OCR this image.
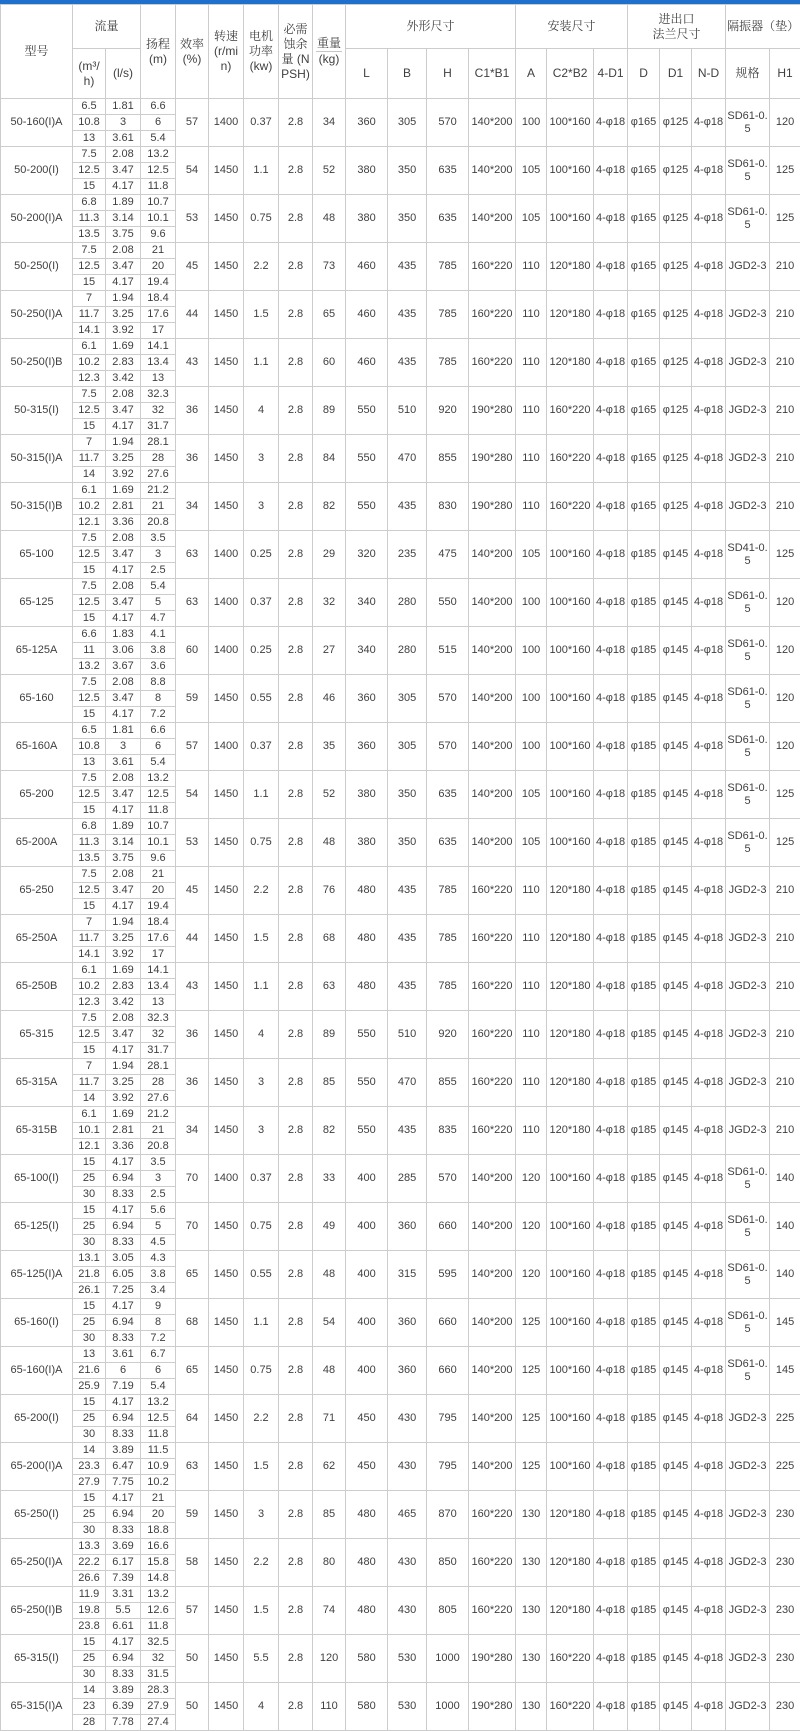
型号	流量		扬程 (m)	效率 (%)	转速 (r/min)	电机功率 (kw)	必需蚀余量 (NPSH)	重量
(kg)	外形尺寸				安装尺寸			进出口
法兰尺寸			隔振器（垫）	
	(m³/h)	(l/s)							L	B	H	C1*B1	A	C2*B2	4-D1	D	D1	N-D	规格	H1
50-160(I)A	6.5	1.81	6.6	57	1400	0.37	2.8	34	360	305	570	140*200	100	100*160	4-φ18	φ165	φ125	4-φ18	SD61-0.5	120
	10.8	3	6																	
	13	3.61	5.4																	
50-200(I)	7.5	2.08	13.2	54	1450	1.1	2.8	52	380	350	635	140*200	105	100*160	4-φ18	φ165	φ125	4-φ18	SD61-0.5	125
	12.5	3.47	12.5																	
	15	4.17	11.8																	
50-200(I)A	6.8	1.89	10.7	53	1450	0.75	2.8	48	380	350	635	140*200	105	100*160	4-φ18	φ165	φ125	4-φ18	SD61-0.5	125
	11.3	3.14	10.1																	
	13.5	3.75	9.6																	
50-250(I)	7.5	2.08	21	45	1450	2.2	2.8	73	460	435	785	160*220	110	120*180	4-φ18	φ165	φ125	4-φ18	JGD2-3	210
	12.5	3.47	20																	
	15	4.17	19.4																	
50-250(I)A	7	1.94	18.4	44	1450	1.5	2.8	65	460	435	785	160*220	110	120*180	4-φ18	φ165	φ125	4-φ18	JGD2-3	210
	11.7	3.25	17.6																	
	14.1	3.92	17																	
50-250(I)B	6.1	1.69	14.1	43	1450	1.1	2.8	60	460	435	785	160*220	110	120*180	4-φ18	φ165	φ125	4-φ18	JGD2-3	210
	10.2	2.83	13.4																	
	12.3	3.42	13																	
50-315(I)	7.5	2.08	32.3	36	1450	4	2.8	89	550	510	920	190*280	110	160*220	4-φ18	φ165	φ125	4-φ18	JGD2-3	210
	12.5	3.47	32																	
	15	4.17	31.7																	
50-315(I)A	7	1.94	28.1	36	1450	3	2.8	84	550	470	855	190*280	110	160*220	4-φ18	φ165	φ125	4-φ18	JGD2-3	210
	11.7	3.25	28																	
	14	3.92	27.6																	
50-315(I)B	6.1	1.69	21.2	34	1450	3	2.8	82	550	435	830	190*280	110	160*220	4-φ18	φ165	φ125	4-φ18	JGD2-3	210
	10.2	2.81	21																	
	12.1	3.36	20.8																	
65-100	7.5	2.08	3.5	63	1400	0.25	2.8	29	320	235	475	140*200	105	100*160	4-φ18	φ185	φ145	4-φ18	SD41-0.5	125
	12.5	3.47	3																	
	15	4.17	2.5																	
65-125	7.5	2.08	5.4	63	1400	0.37	2.8	32	340	280	550	140*200	100	100*160	4-φ18	φ185	φ145	4-φ18	SD61-0.5	120
	12.5	3.47	5																	
	15	4.17	4.7																	
65-125A	6.6	1.83	4.1	60	1400	0.25	2.8	27	340	280	515	140*200	100	100*160	4-φ18	φ185	φ145	4-φ18	SD61-0.5	120
	11	3.06	3.8																	
	13.2	3.67	3.6																	
65-160	7.5	2.08	8.8	59	1450	0.55	2.8	46	360	305	570	140*200	100	100*160	4-φ18	φ185	φ145	4-φ18	SD61-0.5	120
	12.5	3.47	8																	
	15	4.17	7.2																	
65-160A	6.5	1.81	6.6	57	1400	0.37	2.8	35	360	305	570	140*200	100	100*160	4-φ18	φ185	φ145	4-φ18	SD61-0.5	120
	10.8	3	6																	
	13	3.61	5.4																	
65-200	7.5	2.08	13.2	54	1450	1.1	2.8	52	380	350	635	140*200	105	100*160	4-φ18	φ185	φ145	4-φ18	SD61-0.5	125
	12.5	3.47	12.5																	
	15	4.17	11.8																	
65-200A	6.8	1.89	10.7	53	1450	0.75	2.8	48	380	350	635	140*200	105	100*160	4-φ18	φ185	φ145	4-φ18	SD61-0.5	125
	11.3	3.14	10.1																	
	13.5	3.75	9.6																	
65-250	7.5	2.08	21	45	1450	2.2	2.8	76	480	435	785	160*220	110	120*180	4-φ18	φ185	φ145	4-φ18	JGD2-3	210
	12.5	3.47	20																	
	15	4.17	19.4																	
65-250A	7	1.94	18.4	44	1450	1.5	2.8	68	480	435	785	160*220	110	120*180	4-φ18	φ185	φ145	4-φ18	JGD2-3	210
	11.7	3.25	17.6																	
	14.1	3.92	17																	
65-250B	6.1	1.69	14.1	43	1450	1.1	2.8	63	480	435	785	160*220	110	120*180	4-φ18	φ185	φ145	4-φ18	JGD2-3	210
	10.2	2.83	13.4																	
	12.3	3.42	13																	
65-315	7.5	2.08	32.3	36	1450	4	2.8	89	550	510	920	160*220	110	120*180	4-φ18	φ185	φ145	4-φ18	JGD2-3	210
	12.5	3.47	32																	
	15	4.17	31.7																	
65-315A	7	1.94	28.1	36	1450	3	2.8	85	550	470	855	160*220	110	120*180	4-φ18	φ185	φ145	4-φ18	JGD2-3	210
	11.7	3.25	28																	
	14	3.92	27.6																	
65-315B	6.1	1.69	21.2	34	1450	3	2.8	82	550	435	835	160*220	110	120*180	4-φ18	φ185	φ145	4-φ18	JGD2-3	210
	10.1	2.81	21																	
	12.1	3.36	20.8																	
65-100(I)	15	4.17	3.5	70	1400	0.37	2.8	33	400	285	570	140*200	120	100*160	4-φ18	φ185	φ145	4-φ18	SD61-0.5	140
	25	6.94	3																	
	30	8.33	2.5																	
65-125(I)	15	4.17	5.6	70	1450	0.75	2.8	49	400	360	660	140*200	120	100*160	4-φ18	φ185	φ145	4-φ18	SD61-0.5	140
	25	6.94	5																	
	30	8.33	4.5																	
65-125(I)A	13.1	3.05	4.3	65	1450	0.55	2.8	48	400	315	595	140*200	120	100*160	4-φ18	φ185	φ145	4-φ18	SD61-0.5	140
	21.8	6.05	3.8																	
	26.1	7.25	3.4																	
65-160(I)	15	4.17	9	68	1450	1.1	2.8	54	400	360	660	140*200	125	100*160	4-φ18	φ185	φ145	4-φ18	SD61-0.5	145
	25	6.94	8																	
	30	8.33	7.2																	
65-160(I)A	13	3.61	6.7	65	1450	0.75	2.8	48	400	360	660	140*200	125	100*160	4-φ18	φ185	φ145	4-φ18	SD61-0.5	145
	21.6	6	6																	
	25.9	7.19	5.4																	
65-200(I)	15	4.17	13.2	64	1450	2.2	2.8	71	450	430	795	140*200	125	100*160	4-φ18	φ185	φ145	4-φ18	JGD2-3	225
	25	6.94	12.5																	
	30	8.33	11.8																	
65-200(I)A	14	3.89	11.5	63	1450	1.5	2.8	62	450	430	795	140*200	125	100*160	4-φ18	φ185	φ145	4-φ18	JGD2-3	225
	23.3	6.47	10.9																	
	27.9	7.75	10.2																	
65-250(I)	15	4.17	21	59	1450	3	2.8	85	480	465	870	160*220	130	120*180	4-φ18	φ185	φ145	4-φ18	JGD2-3	230
	25	6.94	20																	
	30	8.33	18.8																	
65-250(I)A	13.3	3.69	16.6	58	1450	2.2	2.8	80	480	430	850	160*220	130	120*180	4-φ18	φ185	φ145	4-φ18	JGD2-3	230
	22.2	6.17	15.8																	
	26.6	7.39	14.8																	
65-250(I)B	11.9	3.31	13.2	57	1450	1.5	2.8	74	480	430	805	160*220	130	120*180	4-φ18	φ185	φ145	4-φ18	JGD2-3	230
	19.8	5.5	12.6																	
	23.8	6.61	11.8																	
65-315(I)	15	4.17	32.5	50	1450	5.5	2.8	120	580	530	1000	190*280	130	160*220	4-φ18	φ185	φ145	4-φ18	JGD2-3	230
	25	6.94	32																	
	30	8.33	31.5																	
65-315(I)A	14	3.89	28.3	50	1450	4	2.8	110	580	530	1000	190*280	130	160*220	4-φ18	φ185	φ145	4-φ18	JGD2-3	230
	23	6.39	27.9																	
	28	7.78	27.4																	
